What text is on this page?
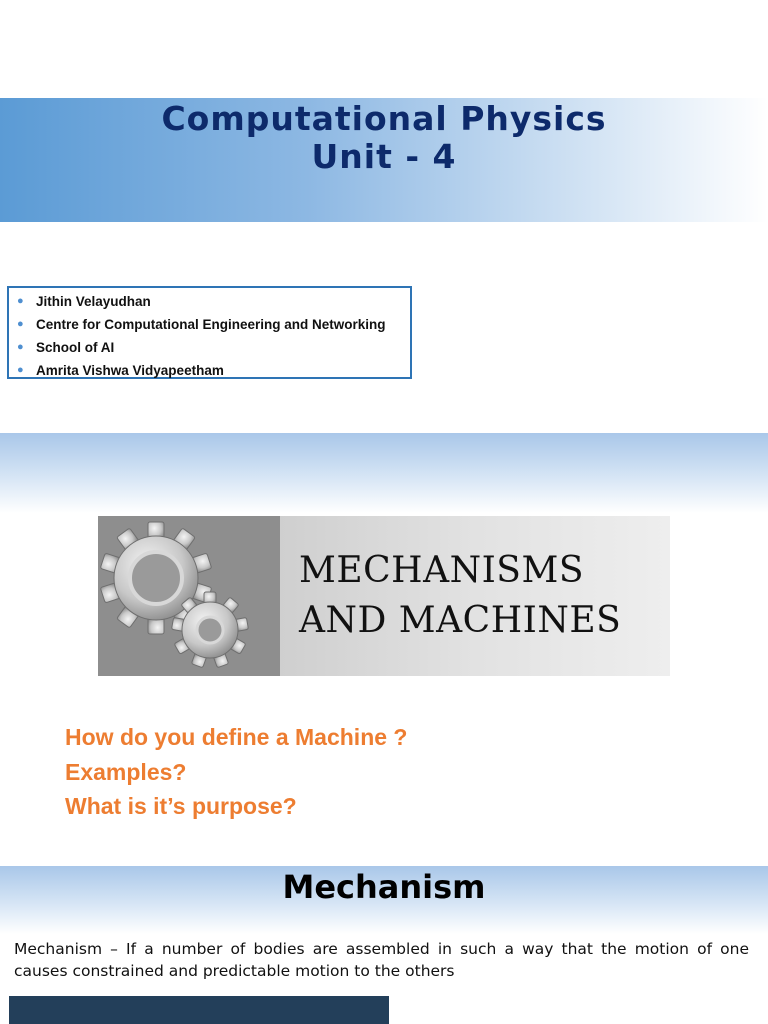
Computational Physics
Unit - 4
● Jithin Velayudhan
● Centre for Computational Engineering and Networking
● School of AI
● Amrita Vishwa Vidyapeetham
MECHANISMS
AND MACHINES
How do you define a Machine ?
Examples?
What is it’s purpose?
Mechanism
Mechanism – If a number of bodies are assembled in such a way that the motion of one causes constrained and predictable motion to the others
